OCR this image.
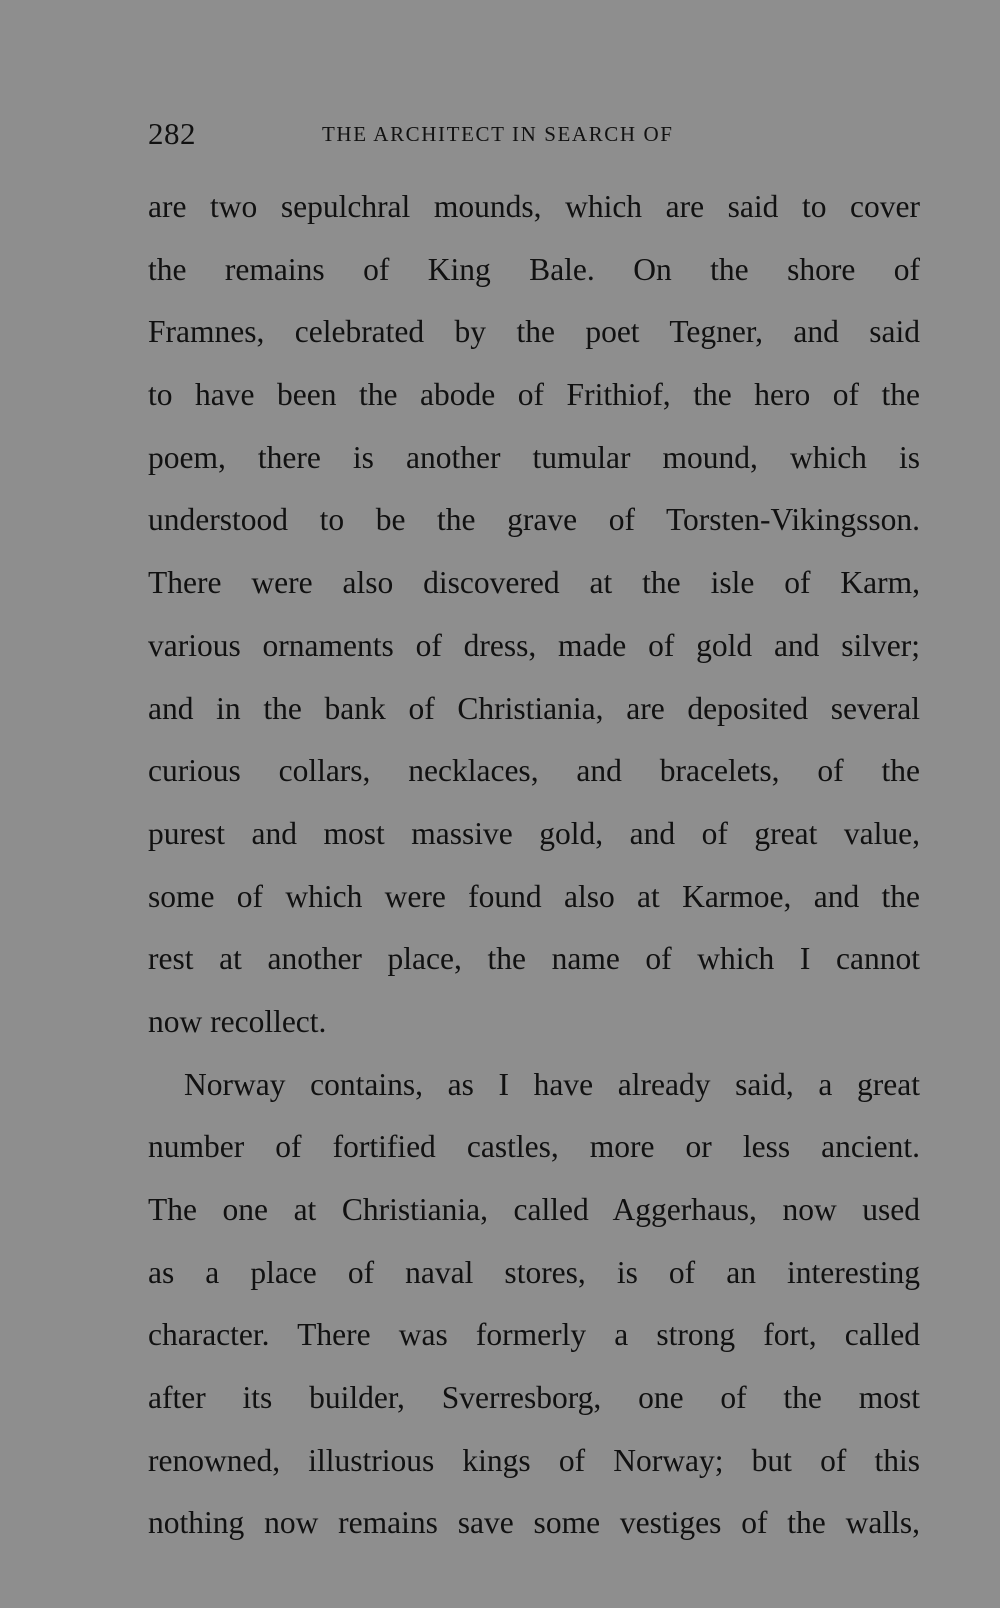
282	THE ARCHITECT IN SEARCH OF
are two sepulchral mounds, which are said to cover
the remains of King Bale. On the shore of
Framnes, celebrated by the poet Tegner, and said
to have been the abode of Frithiof, the hero of the
poem, there is another tumular mound, which is
understood to be the grave of Torsten-Vikingsson.
There were also discovered at the isle of Karm,
various ornaments of dress, made of gold and silver;
and in the bank of Christiania, are deposited several
curious collars, necklaces, and bracelets, of the
purest and most massive gold, and of great value,
some of which were found also at Karmoe, and the
rest at another place, the name of which I cannot
now recollect.
Norway contains, as I have already said, a great
number of fortified castles, more or less ancient.
The one at Christiania, called Aggerhaus, now used
as a place of naval stores, is of an interesting
character. There was formerly a strong fort, called
after its builder, Sverresborg, one of the most
renowned, illustrious kings of Norway; but of this
nothing now remains save some vestiges of the walls,
